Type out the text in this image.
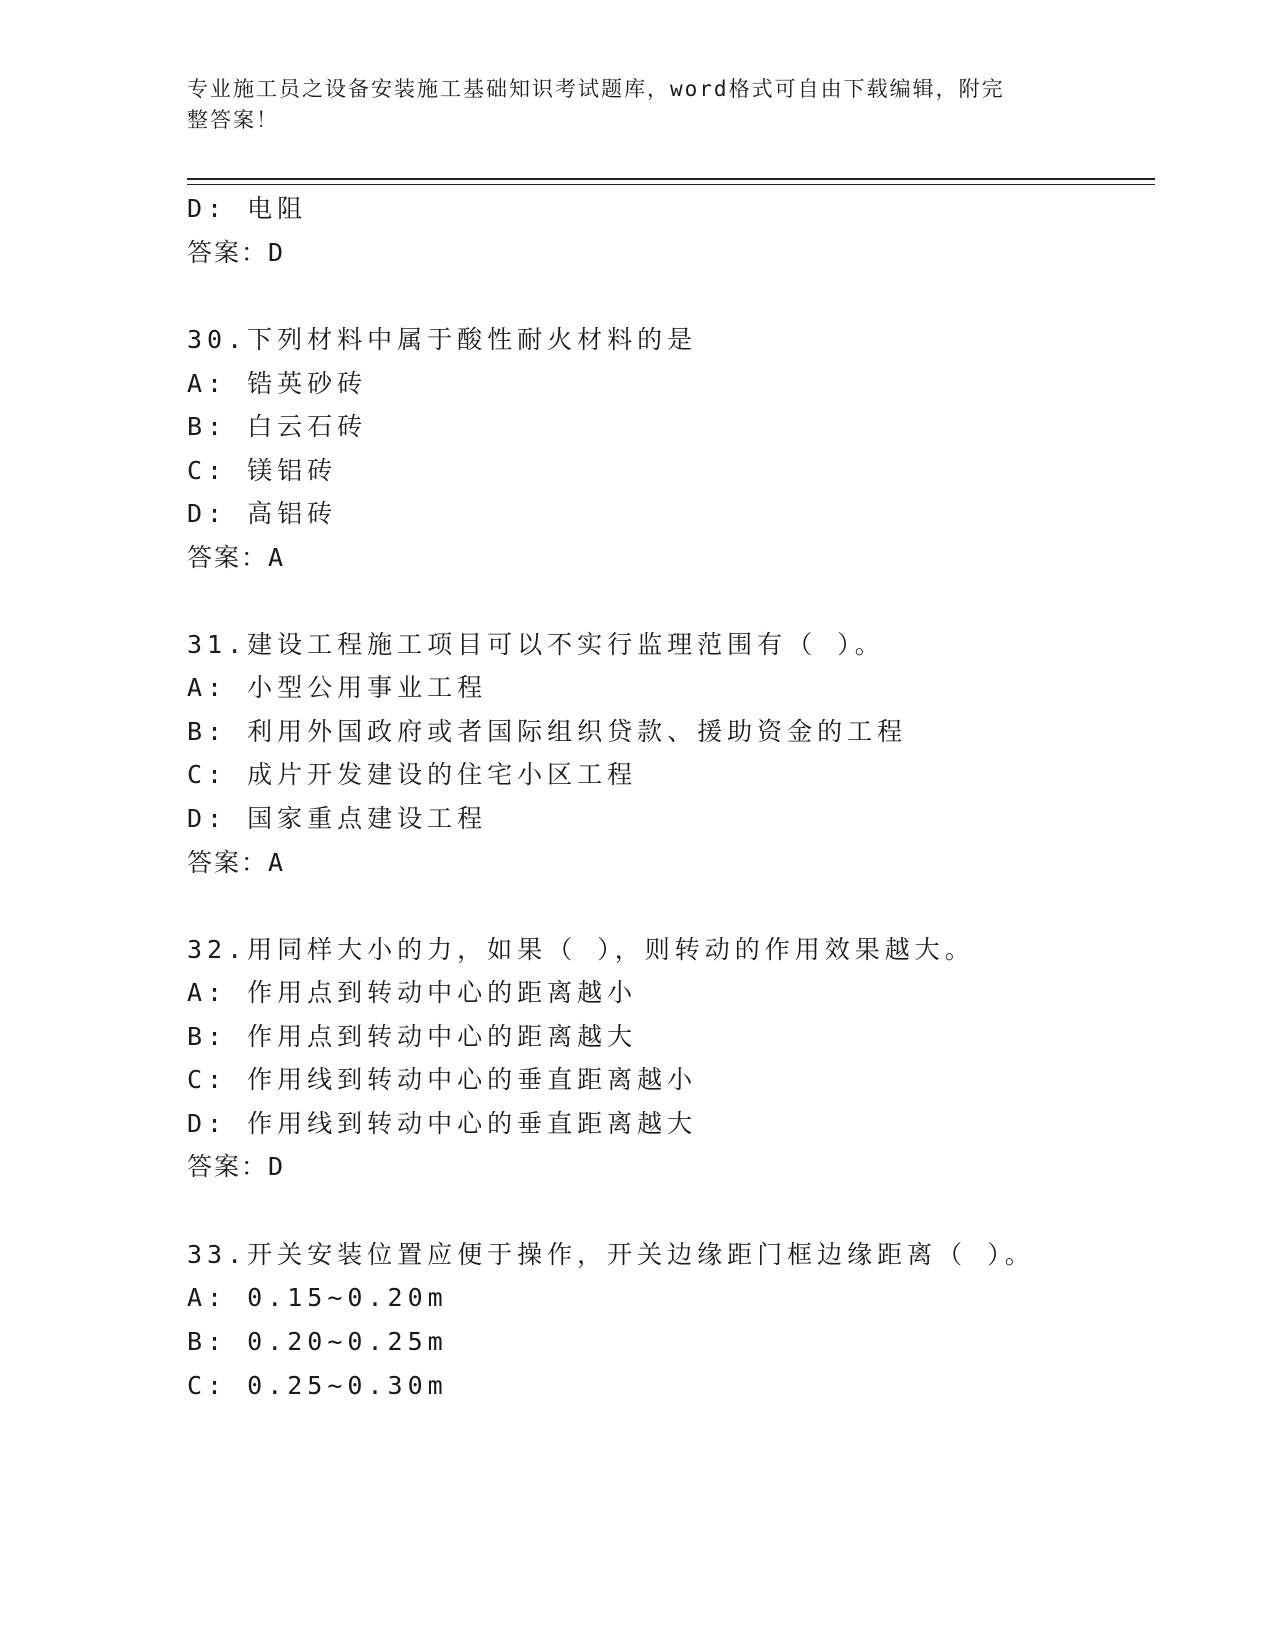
专业施工员之设备安装施工基础知识考试题库，word格式可自由下载编辑，附完
整答案！
D: 电阻
答案：D
30.下列材料中属于酸性耐火材料的是
A: 锆英砂砖
B: 白云石砖
C: 镁铝砖
D: 高铝砖
答案：A
31.建设工程施工项目可以不实行监理范围有（ ）。
A: 小型公用事业工程
B: 利用外国政府或者国际组织贷款、援助资金的工程
C: 成片开发建设的住宅小区工程
D: 国家重点建设工程
答案：A
32.用同样大小的力，如果（ ），则转动的作用效果越大。
A: 作用点到转动中心的距离越小
B: 作用点到转动中心的距离越大
C: 作用线到转动中心的垂直距离越小
D: 作用线到转动中心的垂直距离越大
答案：D
33.开关安装位置应便于操作，开关边缘距门框边缘距离（ ）。
A: 0.15~0.20m
B: 0.20~0.25m
C: 0.25~0.30m
